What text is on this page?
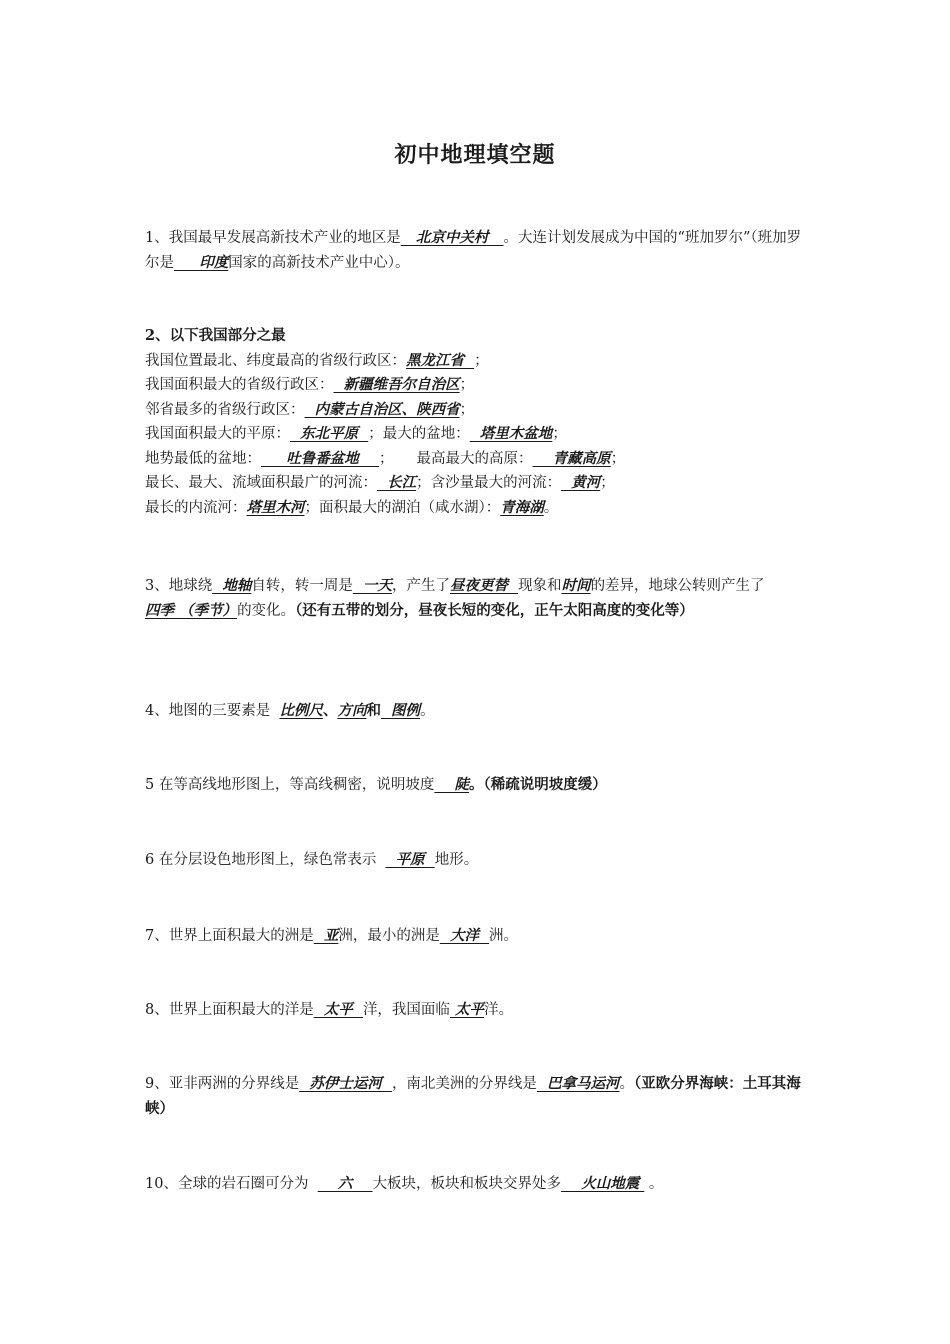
初中地理填空题
1、我国最早发展高新技术产业的地区是   北京中关村   。大连计划发展成为中国的“班加罗尔”（班加罗尔是     印度国家的高新技术产业中心）。
2、以下我国部分之最
我国位置最北、纬度最高的省级行政区：黑龙江省  ；
我国面积最大的省级行政区：  新疆维吾尔自治区；
邻省最多的省级行政区：  内蒙古自治区、陕西省；
我国面积最大的平原：  东北平原  ；最大的盆地：  塔里木盆地；
地势最低的盆地：     吐鲁番盆地    ；     最高最大的高原：    青藏高原；
最长、最大、流域面积最广的河流：  长江；含沙量最大的河流：  黄河；
最长的内流河：塔里木河；面积最大的湖泊（咸水湖）：青海湖。
3、地球绕  地轴自转，转一周是  一天，产生了昼夜更替  现象和时间的差异，地球公转则产生了四季 （季节）的变化。（还有五带的划分，昼夜长短的变化，正午太阳高度的变化等）
4、地图的三要素是  比例尺、方向和  图例。
5 在等高线地形图上，等高线稠密，说明坡度    陡。（稀疏说明坡度缓）
6 在分层设色地形图上，绿色常表示    平原  地形。
7、世界上面积最大的洲是  亚洲，最小的洲是  大洋  洲。
8、世界上面积最大的洋是  太平  洋，我国面临 太平洋。
9、亚非两洲的分界线是  苏伊士运河  ，南北美洲的分界线是  巴拿马运河。（亚欧分界海峡：土耳其海峡）
10、全球的岩石圈可分为      六    大板块，板块和板块交界处多    火山地震  。
